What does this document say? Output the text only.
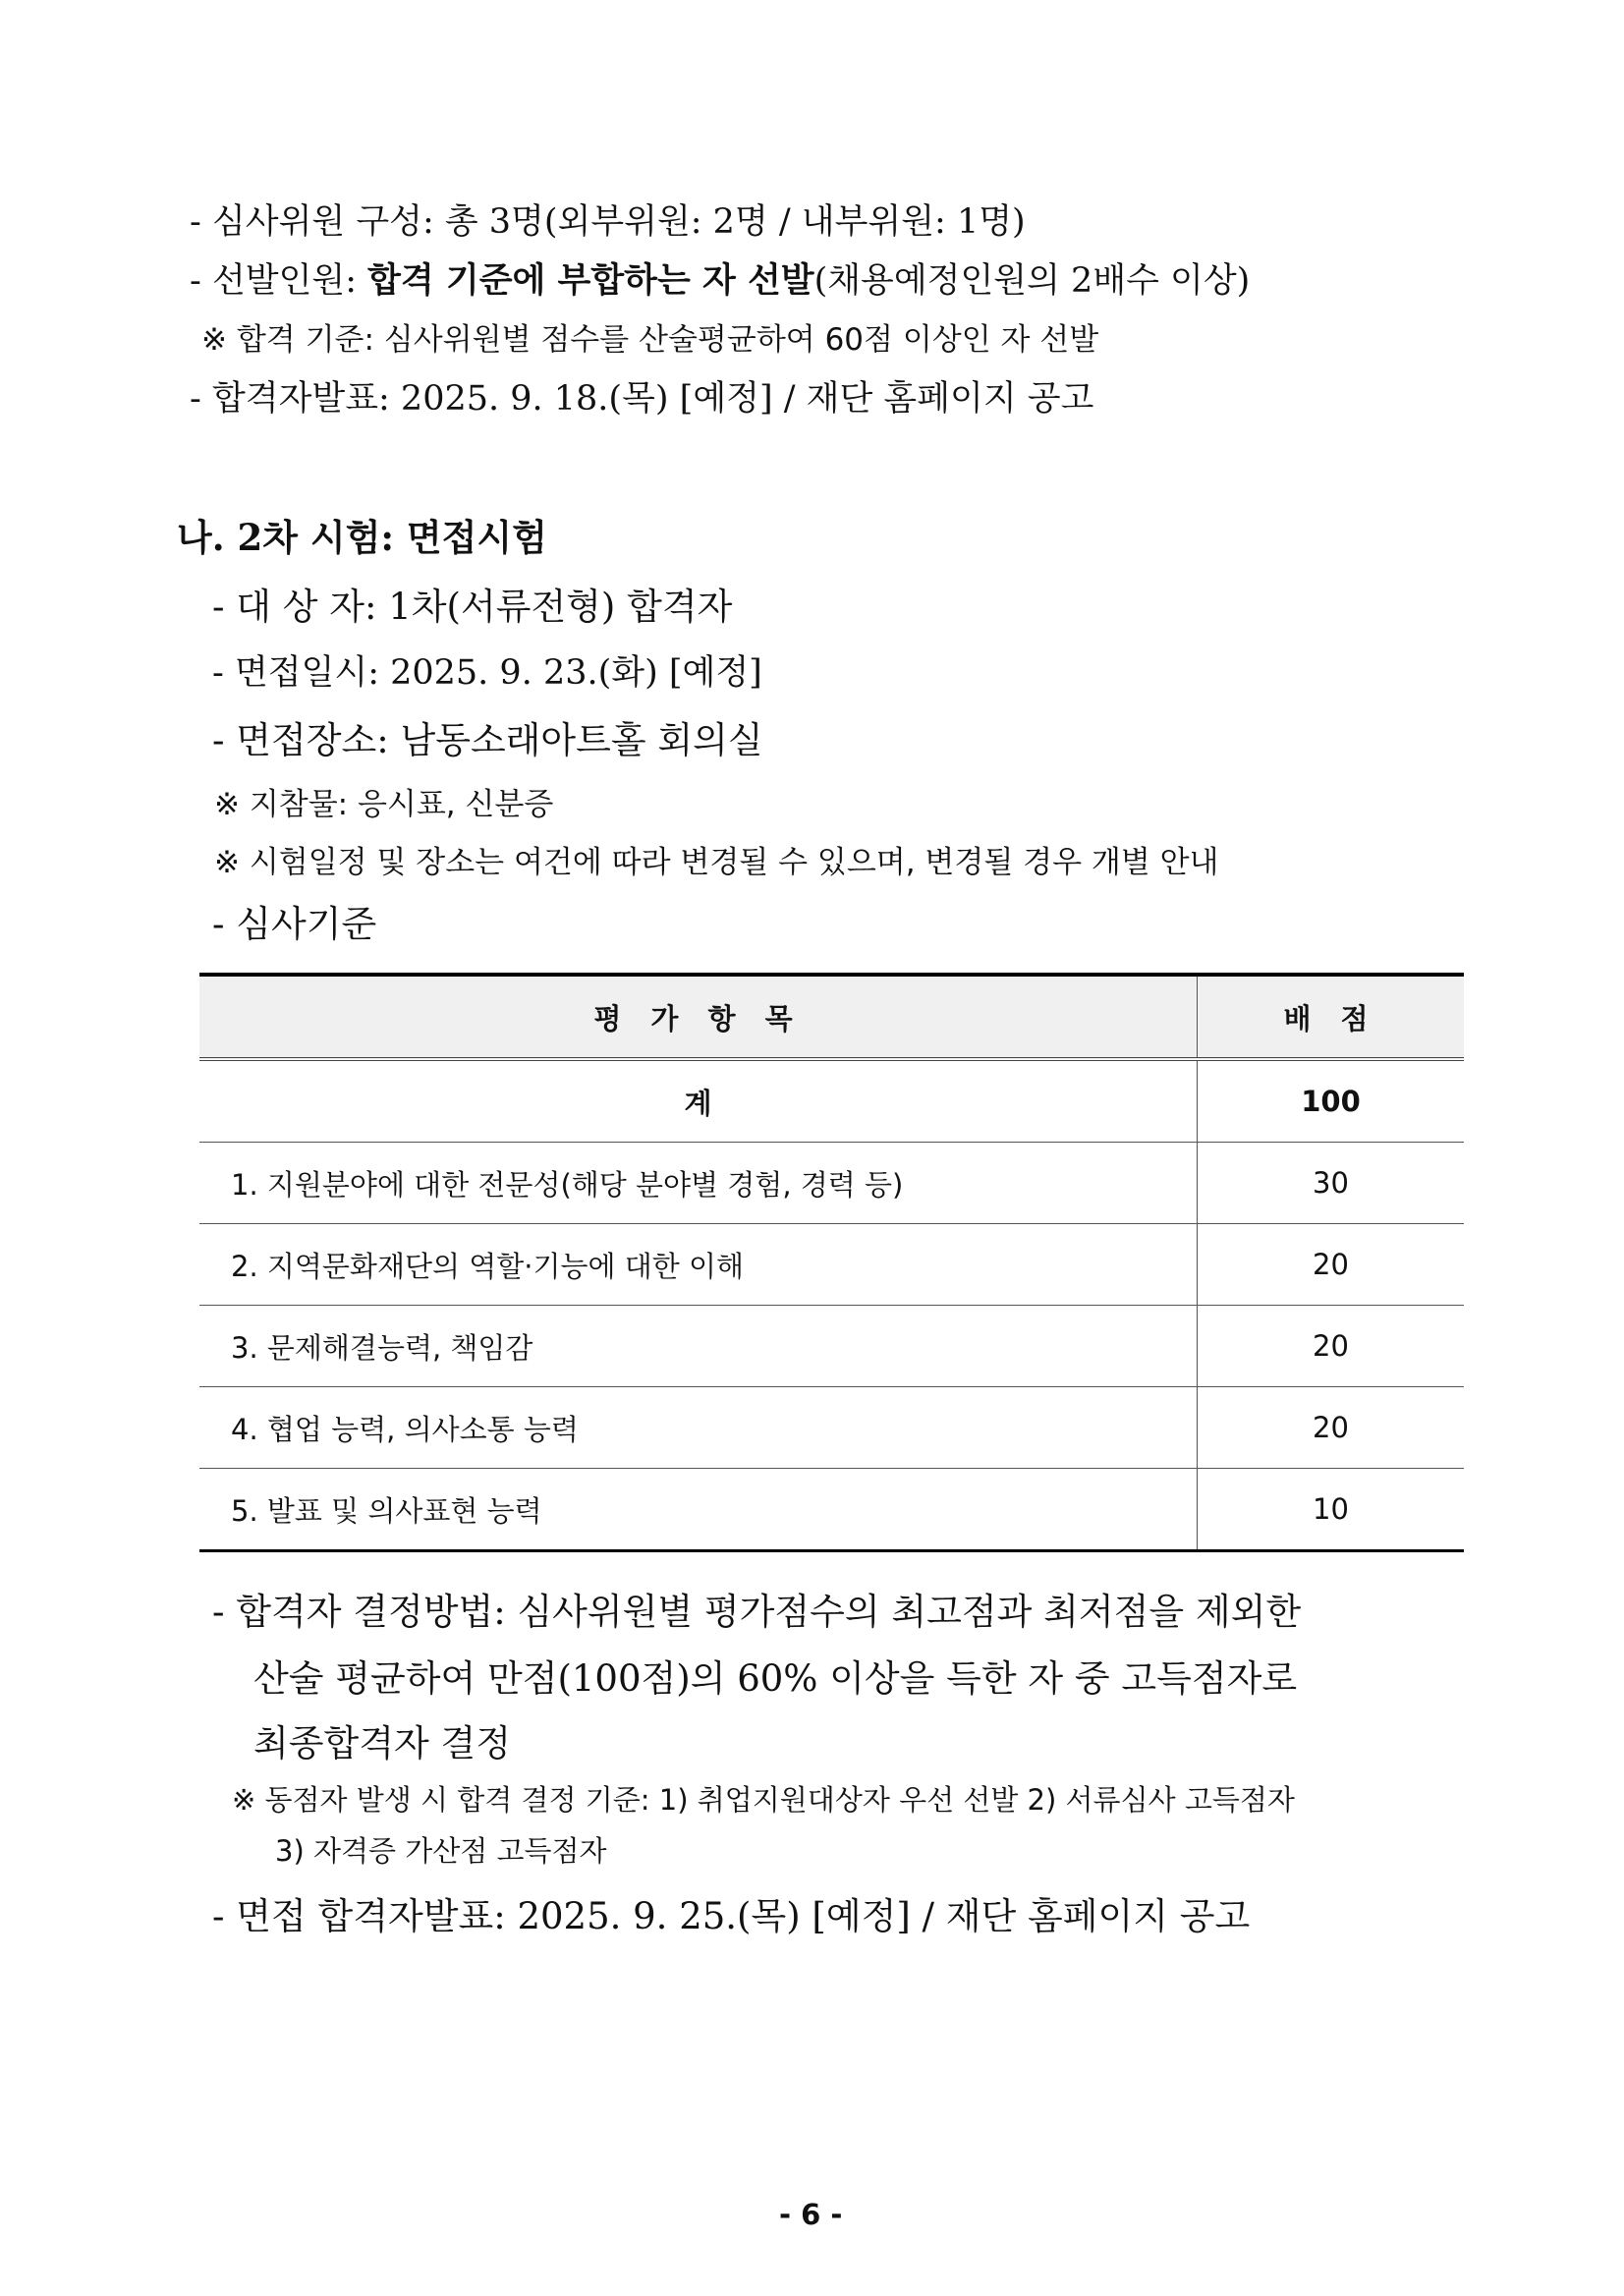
- 심사위원 구성: 총 3명(외부위원: 2명 / 내부위원: 1명)
- 선발인원: 합격 기준에 부합하는 자 선발(채용예정인원의 2배수 이상)
※ 합격 기준: 심사위원별 점수를 산술평균하여 60점 이상인 자 선발
- 합격자발표: 2025. 9. 18.(목) [예정] / 재단 홈페이지 공고
나. 2차 시험: 면접시험
- 대 상 자: 1차(서류전형) 합격자
- 면접일시: 2025. 9. 23.(화) [예정]
- 면접장소: 남동소래아트홀 회의실
※ 지참물: 응시표, 신분증
※ 시험일정 및 장소는 여건에 따라 변경될 수 있으며, 변경될 경우 개별 안내
- 심사기준
평 가 항 목	배 점
계	100
1. 지원분야에 대한 전문성(해당 분야별 경험, 경력 등)	30
2. 지역문화재단의 역할·기능에 대한 이해	20
3. 문제해결능력, 책임감	20
4. 협업 능력, 의사소통 능력	20
5. 발표 및 의사표현 능력	10
- 합격자 결정방법: 심사위원별 평가점수의 최고점과 최저점을 제외한
산술 평균하여 만점(100점)의 60% 이상을 득한 자 중 고득점자로
최종합격자 결정
※ 동점자 발생 시 합격 결정 기준: 1) 취업지원대상자 우선 선발 2) 서류심사 고득점자
3) 자격증 가산점 고득점자
- 면접 합격자발표: 2025. 9. 25.(목) [예정] / 재단 홈페이지 공고
- 6 -
